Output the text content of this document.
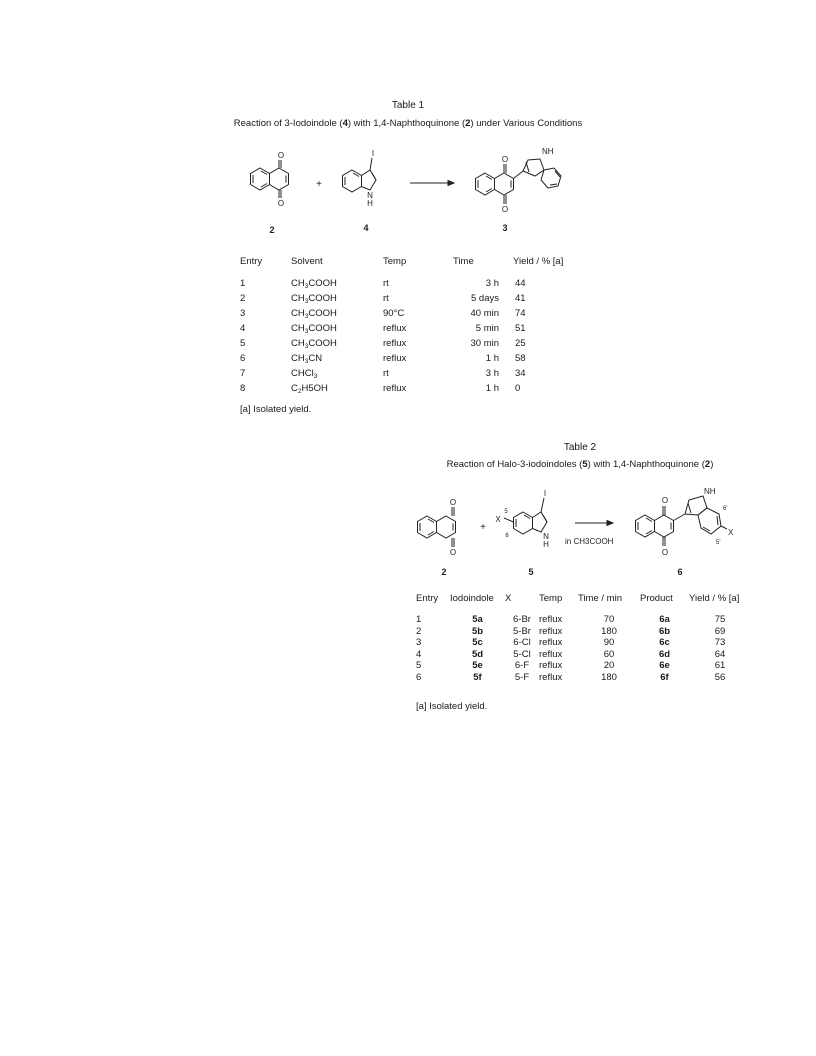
Table 1
Reaction of 3-Iodoindole (4) with 1,4-Naphthoquinone (2) under Various Conditions
O
O
+
I
N
H
O
O
NH
2	4	3
Entry	Solvent	Temp	Time	Yield / % [a]

1	$CH_3COOH$	rt	3 h	44
2	$CH_3COOH$	rt	5 days	41
3	$CH_3COOH$	90°C	40 min	74
4	$CH_3COOH$	reflux	5 min	51
5	$CH_3COOH$	reflux	30 min	25
6	$CH_3CN$	reflux	1 h	58
7	CHCl$_3$	rt	3 h	34
8	$C_2H5OH$	reflux	1 h	0
[a] Isolated yield.
Table 2
Reaction of Halo-3-iodoindoles (5) with 1,4-Naphthoquinone (2)
O
O
+
I
X
5
6	N
H in CH3COOH
O
O
NH
X
6'
5'
2	5	6
Entry	Iodoindole	X	Temp	Time / min	Product	Yield / % [a]

1	5a	6-Br	reflux	70	6a	75
2	5b	5-Br	reflux	180	6b	69
3	5c	6-Cl	reflux	90	6c	73
4	5d	5-Cl	reflux	60	6d	64
5	5e	6-F	reflux	20	6e	61
6	5f	5-F	reflux	180	6f	56
[a] Isolated yield.
